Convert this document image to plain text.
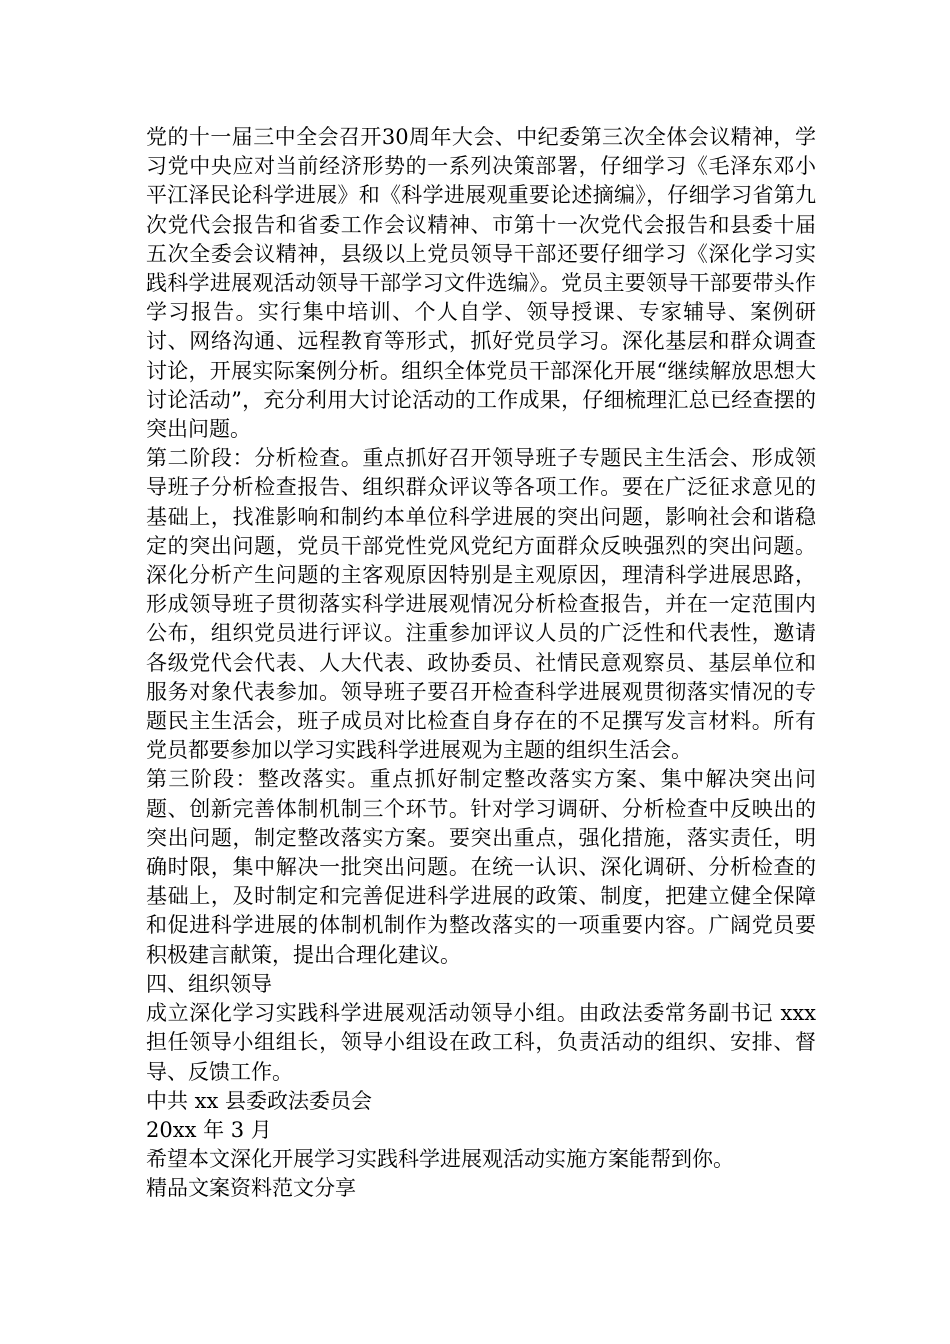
党的十一届三中全会召开30周年大会、中纪委第三次全体会议精神，学习党中央应对当前经济形势的一系列决策部署，仔细学习《毛泽东邓小平江泽民论科学进展》和《科学进展观重要论述摘编》，仔细学习省第九次党代会报告和省委工作会议精神、市第十一次党代会报告和县委十届五次全委会议精神，县级以上党员领导干部还要仔细学习《深化学习实践科学进展观活动领导干部学习文件选编》。党员主要领导干部要带头作学习报告。实行集中培训、个人自学、领导授课、专家辅导、案例研讨、网络沟通、远程教育等形式，抓好党员学习。深化基层和群众调查讨论，开展实际案例分析。组织全体党员干部深化开展“继续解放思想大讨论活动”，充分利用大讨论活动的工作成果，仔细梳理汇总已经查摆的突出问题。

第二阶段：分析检查。重点抓好召开领导班子专题民主生活会、形成领导班子分析检查报告、组织群众评议等各项工作。要在广泛征求意见的基础上，找准影响和制约本单位科学进展的突出问题，影响社会和谐稳定的突出问题，党员干部党性党风党纪方面群众反映强烈的突出问题。深化分析产生问题的主客观原因特别是主观原因，理清科学进展思路，形成领导班子贯彻落实科学进展观情况分析检查报告，并在一定范围内公布，组织党员进行评议。注重参加评议人员的广泛性和代表性，邀请各级党代会代表、人大代表、政协委员、社情民意观察员、基层单位和服务对象代表参加。领导班子要召开检查科学进展观贯彻落实情况的专题民主生活会，班子成员对比检查自身存在的不足撰写发言材料。所有党员都要参加以学习实践科学进展观为主题的组织生活会。

第三阶段：整改落实。重点抓好制定整改落实方案、集中解决突出问题、创新完善体制机制三个环节。针对学习调研、分析检查中反映出的突出问题，制定整改落实方案。要突出重点，强化措施，落实责任，明确时限，集中解决一批突出问题。在统一认识、深化调研、分析检查的基础上，及时制定和完善促进科学进展的政策、制度，把建立健全保障和促进科学进展的体制机制作为整改落实的一项重要内容。广阔党员要积极建言献策，提出合理化建议。

四、组织领导

成立深化学习实践科学进展观活动领导小组。由政法委常务副书记 xxx 担任领导小组组长，领导小组设在政工科，负责活动的组织、安排、督导、反馈工作。

中共 xx 县委政法委员会

20xx 年 3 月

希望本文深化开展学习实践科学进展观活动实施方案能帮到你。

精品文案资料范文分享
